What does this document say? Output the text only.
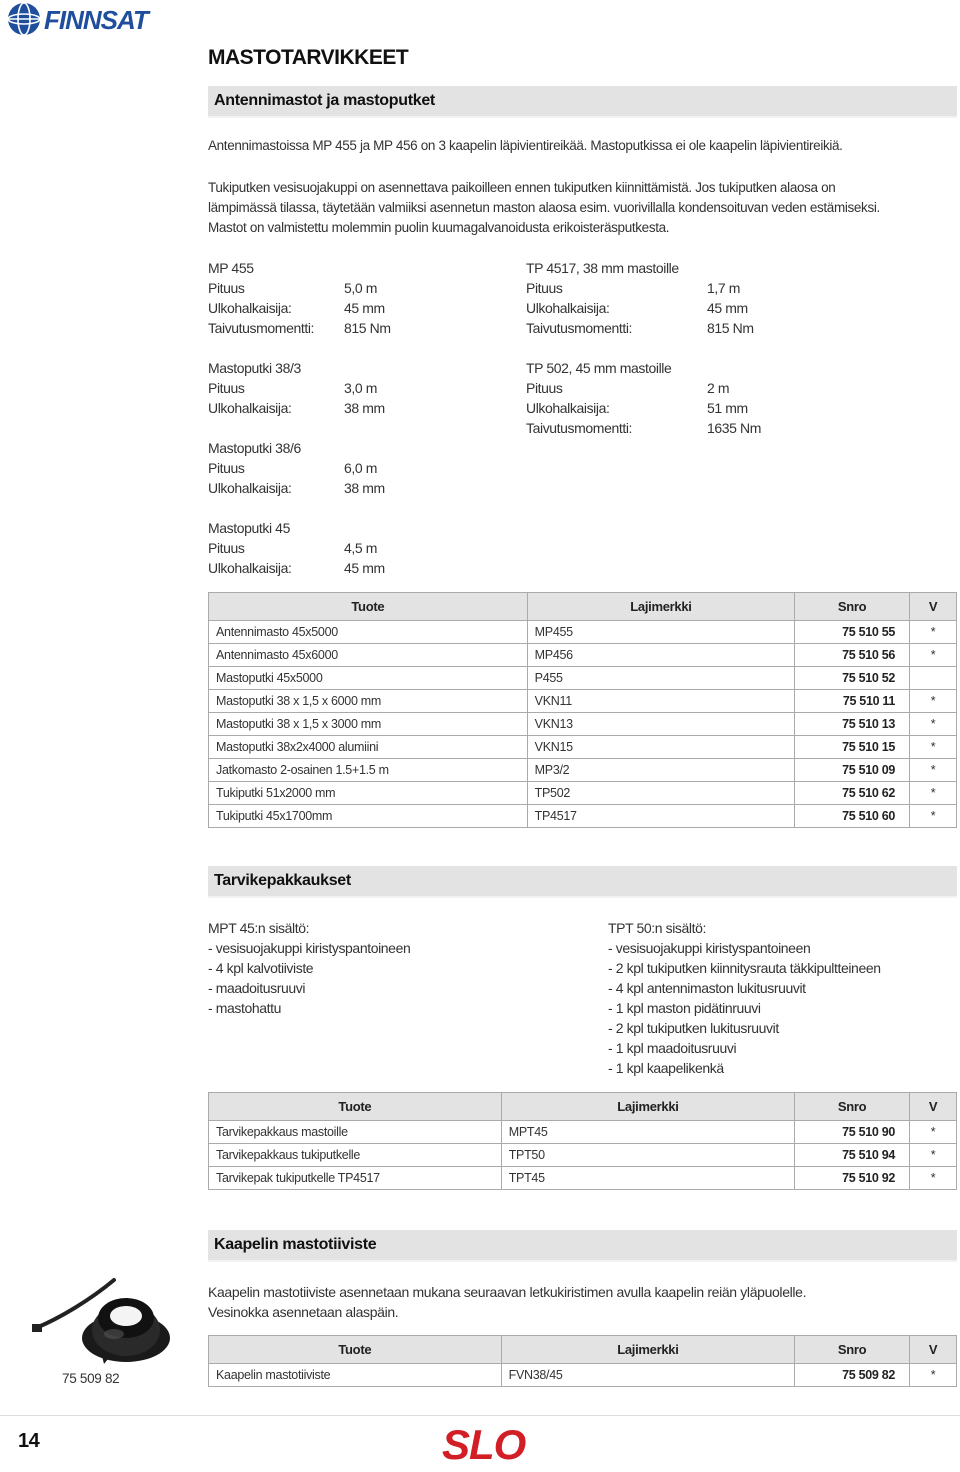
FINNSAT
MASTOTARVIKKEET
Antennimastot ja mastoputket
Antennimastoissa MP 455 ja MP 456 on 3 kaapelin läpivientireikää. Mastoputkissa ei ole kaapelin läpivientireikiä.
Tukiputken vesisuojakuppi on asennettava paikoilleen ennen tukiputken kiinnittämistä. Jos tukiputken alaosa on
lämpimässä tilassa, täytetään valmiiksi asennetun maston alaosa esim. vuorivillalla kondensoituvan veden estämiseksi.
Mastot on valmistettu molemmin puolin kuumagalvanoidusta erikoisteräsputkesta.
MP 455
Pituus	5,0 m
Ulkohalkaisija:	45 mm
Taivutusmomentti: 815 Nm
Mastoputki 38/3
Pituus	3,0 m
Ulkohalkaisija:	38 mm
Mastoputki 38/6
Pituus	6,0 m
Ulkohalkaisija:	38 mm
Mastoputki 45
Pituus	4,5 m
Ulkohalkaisija:	45 mm
TP 4517, 38 mm mastoille
Pituus	1,7 m
Ulkohalkaisija:	45 mm
Taivutusmomentti:	815 Nm
TP 502, 45 mm mastoille
Pituus	2 m
Ulkohalkaisija:	51 mm
Taivutusmomentti:	1635 Nm
Tuote	Lajimerkki	Snro	V
Antennimasto 45x5000	MP455	75 510 55	*
Antennimasto 45x6000	MP456	75 510 56	*
Mastoputki 45x5000	P455	75 510 52	
Mastoputki 38 x 1,5 x 6000 mm	VKN11	75 510 11	*
Mastoputki 38 x 1,5 x 3000 mm	VKN13	75 510 13	*
Mastoputki 38x2x4000 alumiini	VKN15	75 510 15	*
Jatkomasto 2-osainen 1.5+1.5 m	MP3/2	75 510 09	*
Tukiputki 51x2000 mm	TP502	75 510 62	*
Tukiputki 45x1700mm	TP4517	75 510 60	*
Tarvikepakkaukset
MPT 45:n sisältö:
- vesisuojakuppi kiristyspantoineen
- 4 kpl kalvotiiviste
- maadoitusruuvi
- mastohattu
TPT 50:n sisältö:
- vesisuojakuppi kiristyspantoineen
- 2 kpl tukiputken kiinnitysrauta täkkipultteineen
- 4 kpl antennimaston lukitusruuvit
- 1 kpl maston pidätinruuvi
- 2 kpl tukiputken lukitusruuvit
- 1 kpl maadoitusruuvi
- 1 kpl kaapelikenkä
Tuote	Lajimerkki	Snro	V
Tarvikepakkaus mastoille	MPT45	75 510 90	*
Tarvikepakkaus tukiputkelle	TPT50	75 510 94	*
Tarvikepak tukiputkelle TP4517	TPT45	75 510 92	*
Kaapelin mastotiiviste
75 509 82
Kaapelin mastotiiviste asennetaan mukana seuraavan letkukiristimen avulla kaapelin reiän yläpuolelle.
Vesinokka asennetaan alaspäin.
Tuote	Lajimerkki	Snro	V
Kaapelin mastotiiviste	FVN38/45	75 509 82	*
14	SLO
